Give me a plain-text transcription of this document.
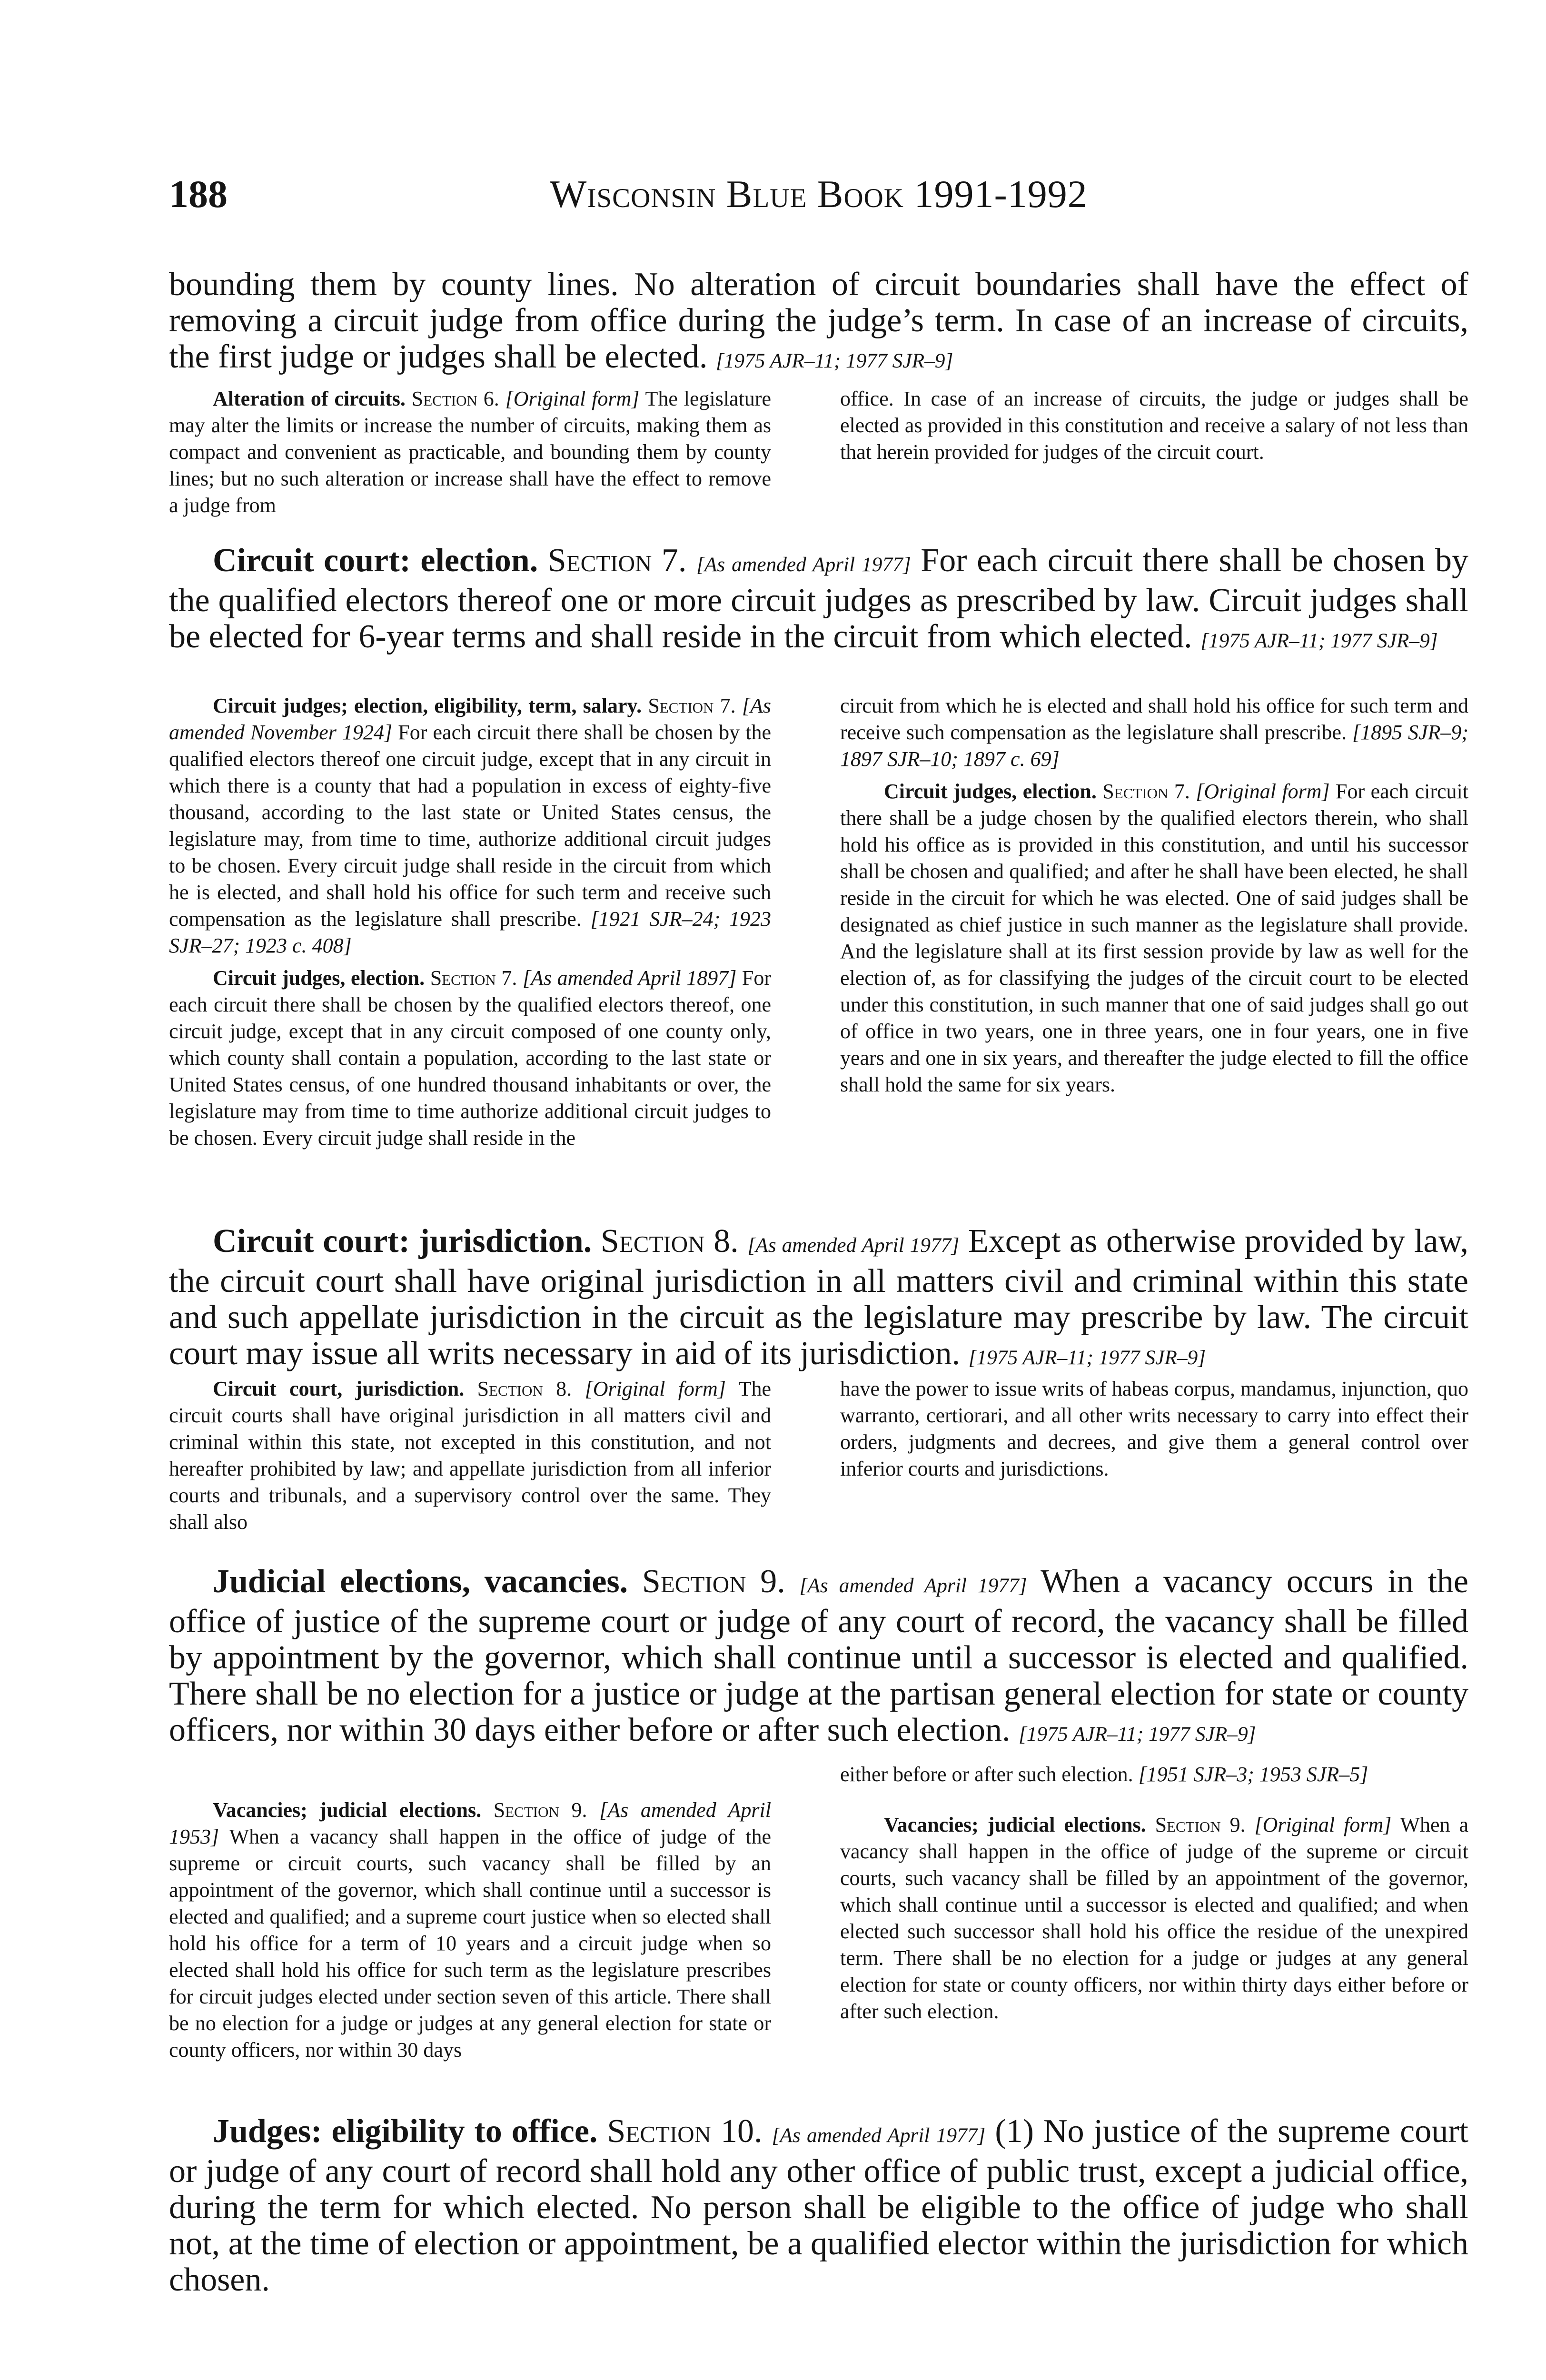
188	Wisconsin Blue Book 1991-1992

bounding them by county lines. No alteration of circuit boundaries shall have the effect of removing a circuit judge from office during the judge’s term. In case of an increase of circuits, the first judge or judges shall be elected. [1975 AJR–11; 1977 SJR–9]

Alteration of circuits. Section 6. [Original form] The legislature may alter the limits or increase the number of circuits, making them as compact and convenient as practicable, and bounding them by county lines; but no such alteration or increase shall have the effect to remove a judge from

office. In case of an increase of circuits, the judge or judges shall be elected as provided in this constitution and receive a salary of not less than that herein provided for judges of the circuit court.

Circuit court: election. Section 7. [As amended April 1977] For each circuit there shall be chosen by the qualified electors thereof one or more circuit judges as prescribed by law. Circuit judges shall be elected for 6-year terms and shall reside in the circuit from which elected. [1975 AJR–11; 1977 SJR–9]

Circuit judges; election, eligibility, term, salary. Section 7. [As amended November 1924] For each circuit there shall be chosen by the qualified electors thereof one circuit judge, except that in any circuit in which there is a county that had a population in excess of eighty-five thousand, according to the last state or United States census, the legislature may, from time to time, authorize additional circuit judges to be chosen. Every circuit judge shall reside in the circuit from which he is elected, and shall hold his office for such term and receive such compensation as the legislature shall prescribe. [1921 SJR–24; 1923 SJR–27; 1923 c. 408]

Circuit judges, election. Section 7. [As amended April 1897] For each circuit there shall be chosen by the qualified electors thereof, one circuit judge, except that in any circuit composed of one county only, which county shall contain a population, according to the last state or United States census, of one hundred thousand inhabitants or over, the legislature may from time to time authorize additional circuit judges to be chosen. Every circuit judge shall reside in the

circuit from which he is elected and shall hold his office for such term and receive such compensation as the legislature shall prescribe. [1895 SJR–9; 1897 SJR–10; 1897 c. 69]

Circuit judges, election. Section 7. [Original form] For each circuit there shall be a judge chosen by the qualified electors therein, who shall hold his office as is provided in this constitution, and until his successor shall be chosen and qualified; and after he shall have been elected, he shall reside in the circuit for which he was elected. One of said judges shall be designated as chief justice in such manner as the legislature shall provide. And the legislature shall at its first session provide by law as well for the election of, as for classifying the judges of the circuit court to be elected under this constitution, in such manner that one of said judges shall go out of office in two years, one in three years, one in four years, one in five years and one in six years, and thereafter the judge elected to fill the office shall hold the same for six years.

Circuit court: jurisdiction. Section 8. [As amended April 1977] Except as otherwise provided by law, the circuit court shall have original jurisdiction in all matters civil and criminal within this state and such appellate jurisdiction in the circuit as the legislature may prescribe by law. The circuit court may issue all writs necessary in aid of its jurisdiction. [1975 AJR–11; 1977 SJR–9]

Circuit court, jurisdiction. Section 8. [Original form] The circuit courts shall have original jurisdiction in all matters civil and criminal within this state, not excepted in this constitution, and not hereafter prohibited by law; and appellate jurisdiction from all inferior courts and tribunals, and a supervisory control over the same. They shall also

have the power to issue writs of habeas corpus, mandamus, injunction, quo warranto, certiorari, and all other writs necessary to carry into effect their orders, judgments and decrees, and give them a general control over inferior courts and jurisdictions.

Judicial elections, vacancies. Section 9. [As amended April 1977] When a vacancy occurs in the office of justice of the supreme court or judge of any court of record, the vacancy shall be filled by appointment by the governor, which shall continue until a successor is elected and qualified. There shall be no election for a justice or judge at the partisan general election for state or county officers, nor within 30 days either before or after such election. [1975 AJR–11; 1977 SJR–9]

Vacancies; judicial elections. Section 9. [As amended April 1953] When a vacancy shall happen in the office of judge of the supreme or circuit courts, such vacancy shall be filled by an appointment of the governor, which shall continue until a successor is elected and qualified; and a supreme court justice when so elected shall hold his office for a term of 10 years and a circuit judge when so elected shall hold his office for such term as the legislature prescribes for circuit judges elected under section seven of this article. There shall be no election for a judge or judges at any general election for state or county officers, nor within 30 days

either before or after such election. [1951 SJR–3; 1953 SJR–5]

Vacancies; judicial elections. Section 9. [Original form] When a vacancy shall happen in the office of judge of the supreme or circuit courts, such vacancy shall be filled by an appointment of the governor, which shall continue until a successor is elected and qualified; and when elected such successor shall hold his office the residue of the unexpired term. There shall be no election for a judge or judges at any general election for state or county officers, nor within thirty days either before or after such election.

Judges: eligibility to office. Section 10. [As amended April 1977] (1) No justice of the supreme court or judge of any court of record shall hold any other office of public trust, except a judicial office, during the term for which elected. No person shall be eligible to the office of judge who shall not, at the time of election or appointment, be a qualified elector within the jurisdiction for which chosen.
